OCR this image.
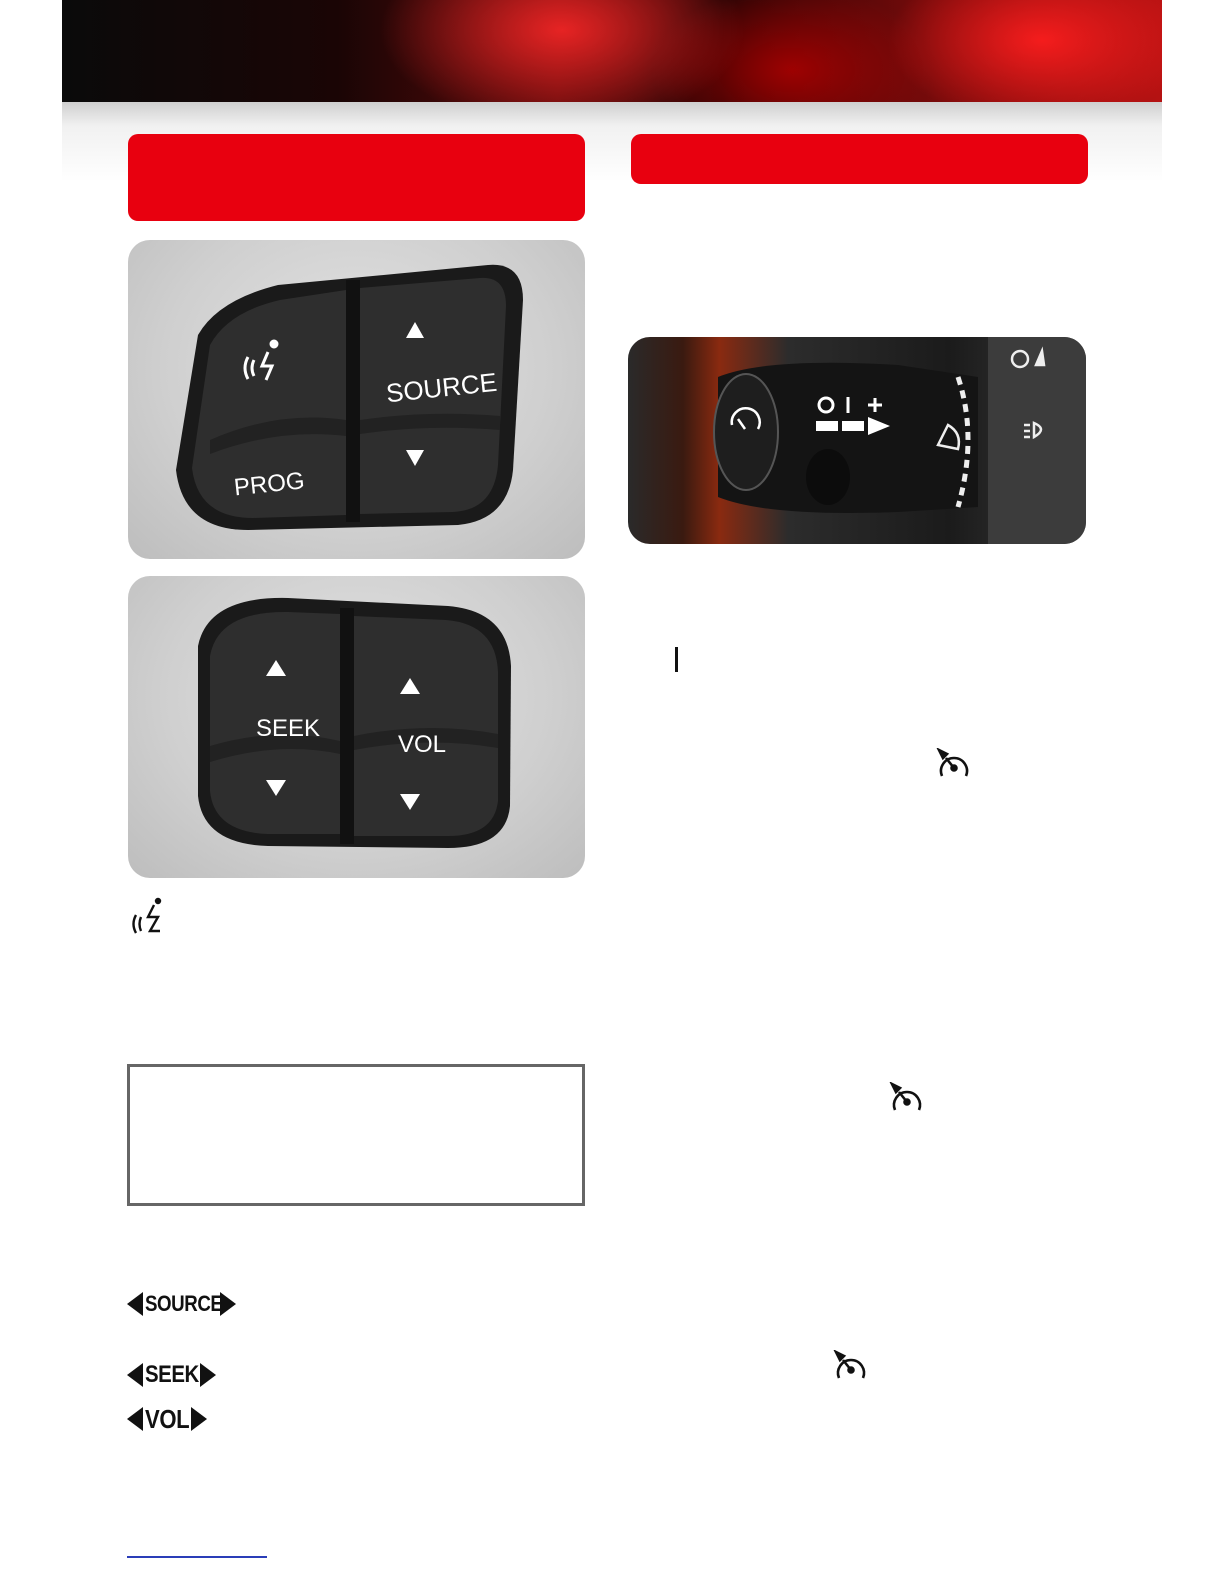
SOURCE
PROG
SEEK
VOL
SOURCE
SEEK
VOL
